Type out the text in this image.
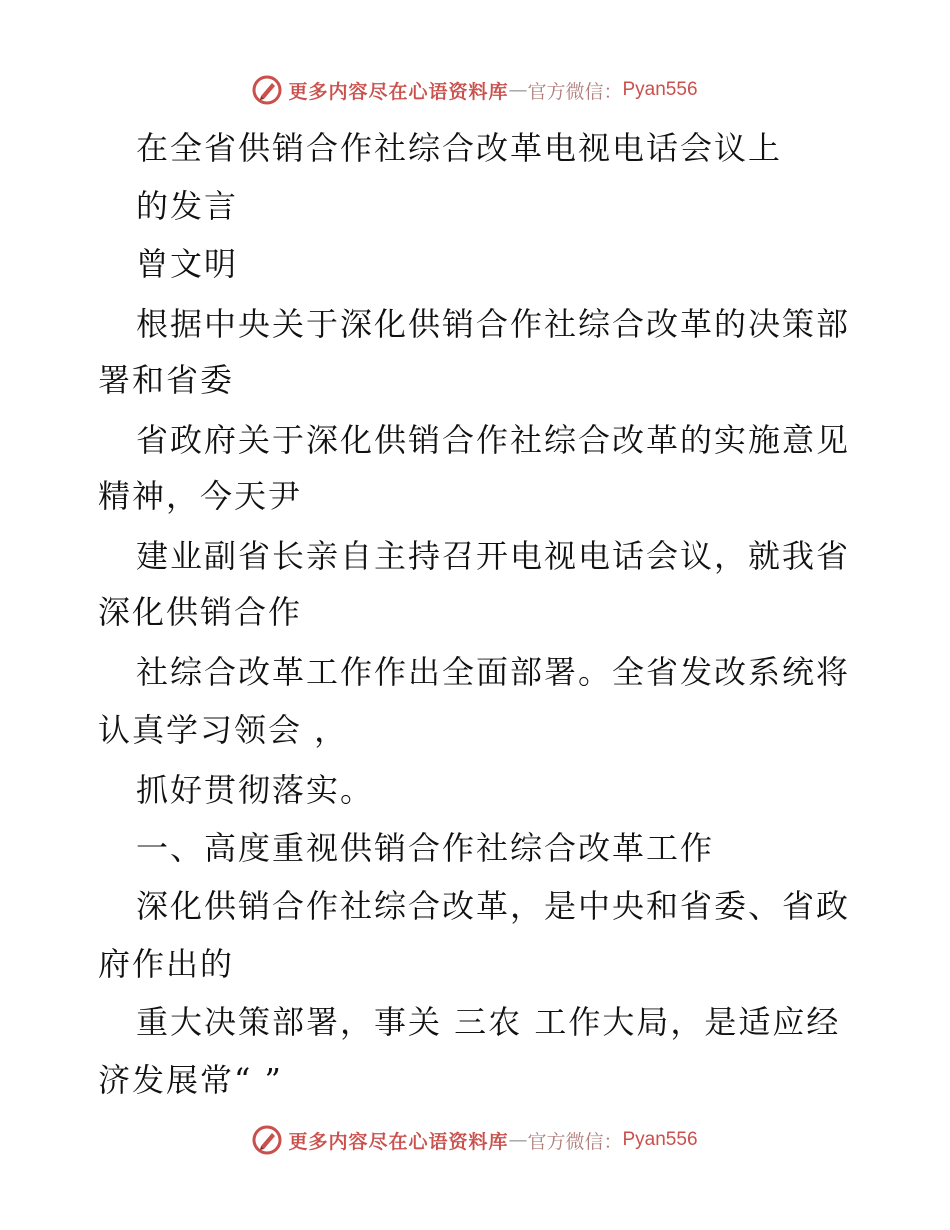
更多内容尽在心语资料库 — 官方微信： Pyan556
在全省供销合作社综合改革电视电话会议上
的发言
曾文明
根据中央关于深化供销合作社综合改革的决策部
署和省委
省政府关于深化供销合作社综合改革的实施意见
精神，今天尹
建业副省长亲自主持召开电视电话会议，就我省
深化供销合作
社综合改革工作作出全面部署。全省发改系统将
认真学习领会 ，
抓好贯彻落实。
一、高度重视供销合作社综合改革工作
深化供销合作社综合改革，是中央和省委、省政
府作出的
重大决策部署，事关 三农 工作大局，是适应经
济发展常“ ”
更多内容尽在心语资料库 — 官方微信： Pyan556
